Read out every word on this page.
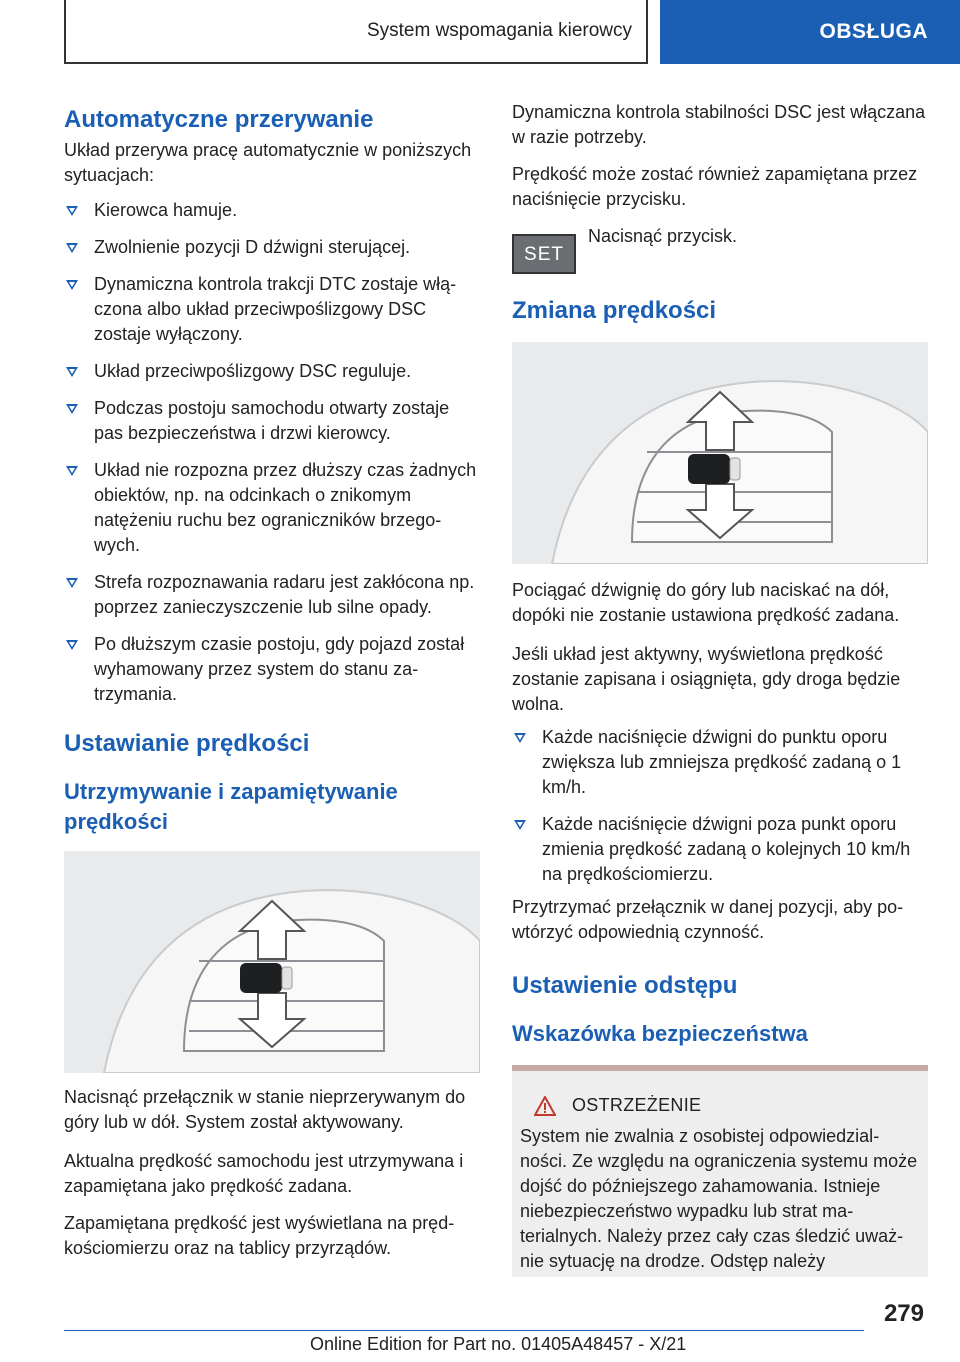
System wspomagania kierowcy	OBSŁUGA
Automatyczne przerywanie

Układ przerywa pracę automatycznie w poniższych sytuacjach:

Kierowca hamuje.
Zwolnienie pozycji D dźwigni sterującej.
Dynamiczna kontrola trakcji DTC zostaje włączona albo układ przeciwpoślizgowy DSC zostaje wyłączony.
Układ przeciwpoślizgowy DSC reguluje.
Podczas postoju samochodu otwarty zostaje pas bezpieczeństwa i drzwi kierowcy.
Układ nie rozpozna przez dłuższy czas żadnych obiektów, np. na odcinkach o znikomym natężeniu ruchu bez ograniczników brzegowych.
Strefa rozpoznawania radaru jest zakłócona np. poprzez zanieczyszczenie lub silne opady.
Po dłuższym czasie postoju, gdy pojazd został wyhamowany przez system do stanu zatrzymania.
Ustawianie prędkości
Utrzymywanie i zapamiętywanie prędkości

Nacisnąć przełącznik w stanie nieprzerywanym do góry lub w dół. System został aktywowany.

Aktualna prędkość samochodu jest utrzymywana i zapamiętana jako prędkość zadana.

Zapamiętana prędkość jest wyświetlana na prędkościomierzu oraz na tablicy przyrządów.

Dynamiczna kontrola stabilności DSC jest włączana w razie potrzeby.

Prędkość może zostać również zapamiętana przez naciśnięcie przycisku.

SET
Nacisnąć przycisk.
Zmiana prędkości

Pociągać dźwignię do góry lub naciskać na dół, dopóki nie zostanie ustawiona prędkość zadana.

Jeśli układ jest aktywny, wyświetlona prędkość zostanie zapisana i osiągnięta, gdy droga będzie wolna.

Każde naciśnięcie dźwigni do punktu oporu zwiększa lub zmniejsza prędkość zadaną o 1 km/h.
Każde naciśnięcie dźwigni poza punkt oporu zmienia prędkość zadaną o kolejnych 10 km/h na prędkościomierzu.

Przytrzymać przełącznik w danej pozycji, aby powtórzyć odpowiednią czynność.

Ustawienie odstępu
Wskazówka bezpieczeństwa
OSTRZEŻENIE

System nie zwalnia z osobistej odpowiedzialności. Ze względu na ograniczenia systemu może dojść do późniejszego zahamowania. Istnieje niebezpieczeństwo wypadku lub strat materialnych. Należy przez cały czas śledzić uważnie sytuację na drodze. Odstęp należy

279
Online Edition for Part no. 01405A48457 - X/21
